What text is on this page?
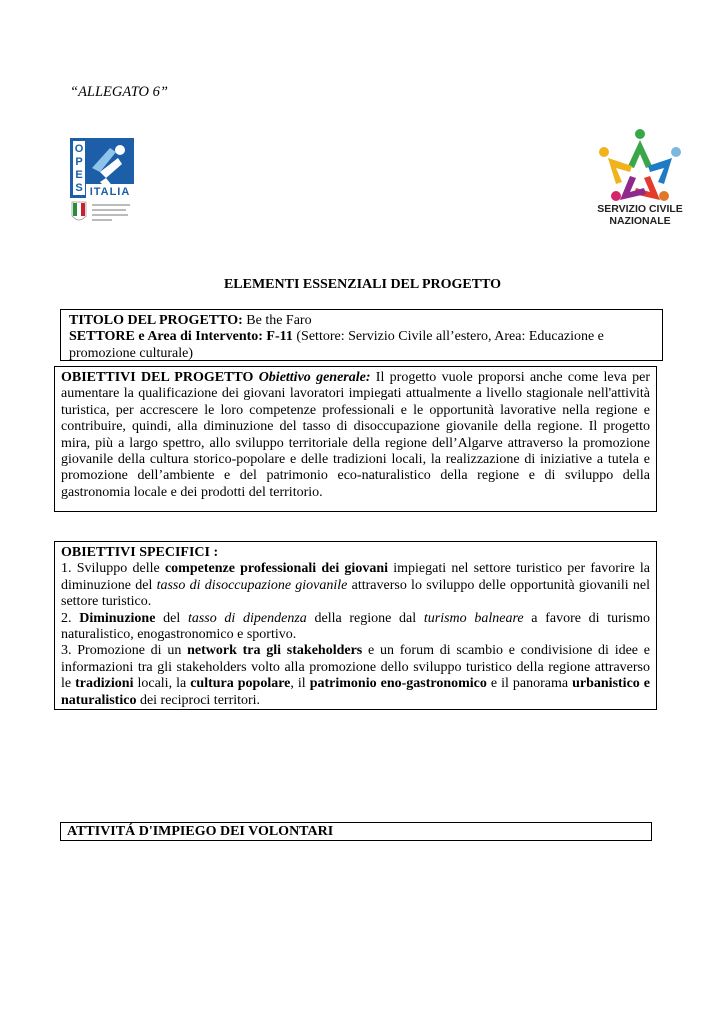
“ALLEGATO 6”
O
P
E
S ITALIA
SERVIZIO CIVILE
NAZIONALE
ELEMENTI ESSENZIALI DEL PROGETTO

TITOLO DEL PROGETTO: Be the Faro

SETTORE e Area di Intervento: F-11 (Settore: Servizio Civile all’estero, Area: Educazione e promozione culturale)

OBIETTIVI DEL PROGETTO Obiettivo generale: Il progetto vuole proporsi anche come leva per aumentare la qualificazione dei giovani lavoratori impiegati attualmente a livello stagionale nell'attività turistica, per accrescere le loro competenze professionali e le opportunità lavorative nella regione e contribuire, quindi, alla diminuzione del tasso di disoccupazione giovanile della regione. Il progetto mira, più a largo spettro, allo sviluppo territoriale della regione dell’Algarve attraverso la promozione giovanile della cultura storico-popolare e delle tradizioni locali, la realizzazione di iniziative a tutela e promozione dell’ambiente e del patrimonio eco-naturalistico della regione e di sviluppo della gastronomia locale e dei prodotti del territorio.

OBIETTIVI SPECIFICI :

1. Sviluppo delle competenze professionali dei giovani impiegati nel settore turistico per favorire la diminuzione del tasso di disoccupazione giovanile attraverso lo sviluppo delle opportunità giovanili nel settore turistico.

2. Diminuzione del tasso di dipendenza della regione dal turismo balneare a favore di turismo naturalistico, enogastronomico e sportivo.

3. Promozione di un network tra gli stakeholders e un forum di scambio e condivisione di idee e informazioni tra gli stakeholders volto alla promozione dello sviluppo turistico della regione attraverso le tradizioni locali, la cultura popolare, il patrimonio eno-gastronomico e il panorama urbanistico e naturalistico dei reciproci territori.

ATTIVITÁ D'IMPIEGO DEI VOLONTARI
